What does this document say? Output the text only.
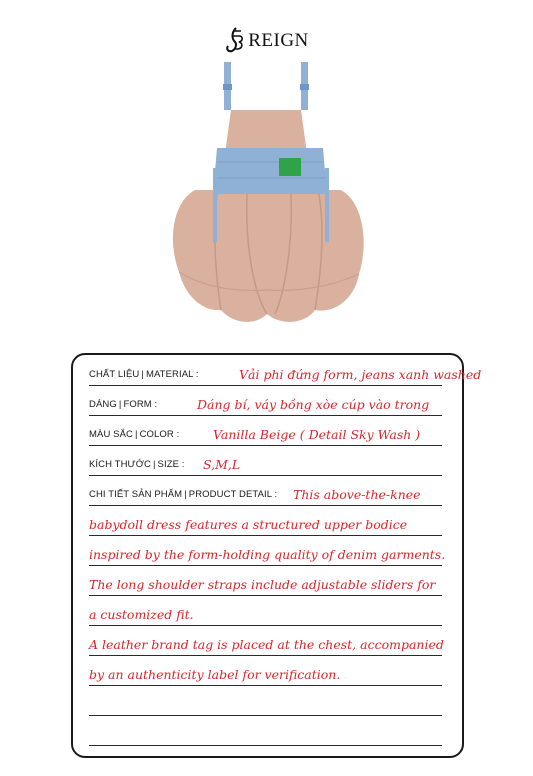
REIGN
CHẤT LIỆU | MATERIAL :	Vải phi đứng form, jeans xanh washed
DÁNG | FORM :	Dáng bí, váy bồng xòe cúp vào trong
MÀU SẮC | COLOR :	Vanilla Beige ( Detail Sky Wash )
KÍCH THƯỚC | SIZE : S,M,L
CHI TIẾT SẢN PHẨM | PRODUCT DETAIL : This above-the-knee
babydoll dress features a structured upper bodice
inspired by the form-holding quality of denim garments.
The long shoulder straps include adjustable sliders for
a customized fit.
A leather brand tag is placed at the chest, accompanied
by an authenticity label for verification.
